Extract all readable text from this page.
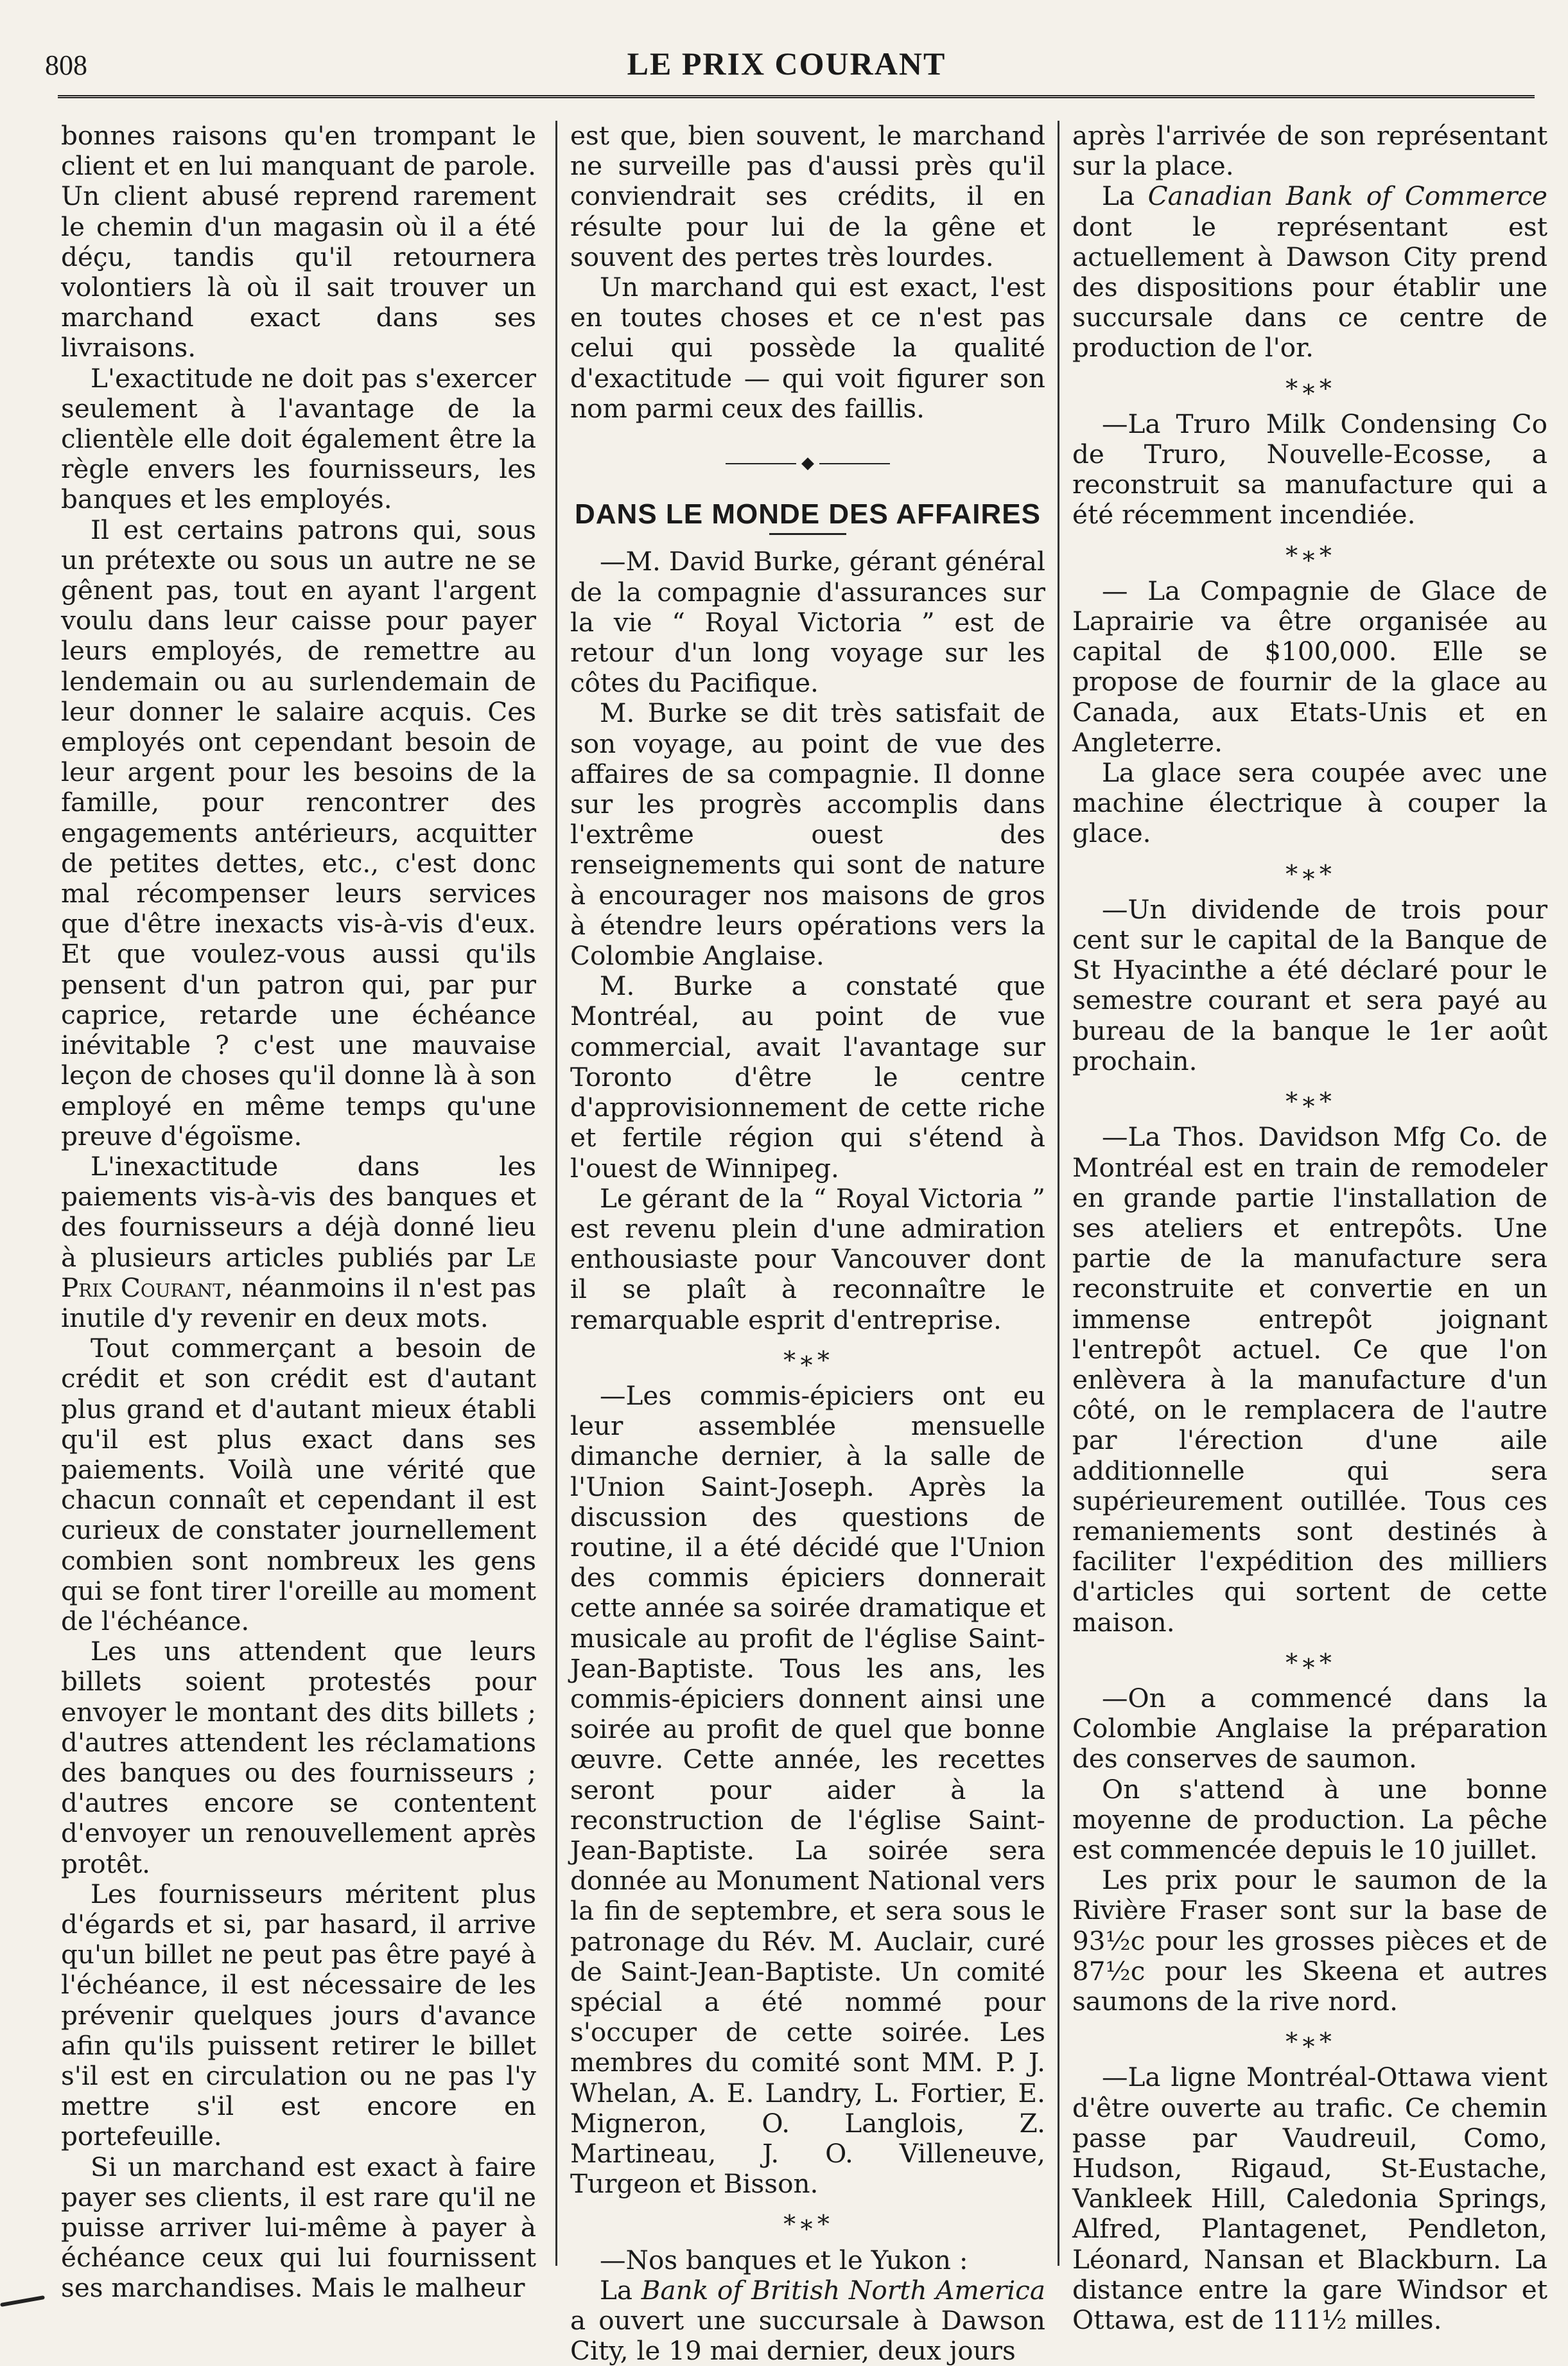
808	LE PRIX COURANT

bonnes raisons qu'en trompant le client et en lui manquant de parole. Un client abusé reprend rarement le chemin d'un magasin où il a été déçu, tandis qu'il retournera volontiers là où il sait trouver un marchand exact dans ses livraisons.

L'exactitude ne doit pas s'exercer seulement à l'avantage de la clientèle elle doit également être la règle envers les fournisseurs, les banques et les employés.

Il est certains patrons qui, sous un prétexte ou sous un autre ne se gênent pas, tout en ayant l'argent voulu dans leur caisse pour payer leurs employés, de remettre au lendemain ou au surlendemain de leur donner le salaire acquis. Ces employés ont cependant besoin de leur argent pour les besoins de la famille, pour rencontrer des engagements antérieurs, acquitter de petites dettes, etc., c'est donc mal récompenser leurs services que d'être inexacts vis-à-vis d'eux. Et que voulez-vous aussi qu'ils pensent d'un patron qui, par pur caprice, retarde une échéance inévitable ? c'est une mauvaise leçon de choses qu'il donne là à son employé en même temps qu'une preuve d'égoïsme.

L'inexactitude dans les paiements vis-à-vis des banques et des fournisseurs a déjà donné lieu à plusieurs articles publiés par Le Prix Courant, néanmoins il n'est pas inutile d'y revenir en deux mots.

Tout commerçant a besoin de crédit et son crédit est d'autant plus grand et d'autant mieux établi qu'il est plus exact dans ses paiements. Voilà une vérité que chacun connaît et cependant il est curieux de constater journellement combien sont nombreux les gens qui se font tirer l'oreille au moment de l'échéance.

Les uns attendent que leurs billets soient protestés pour envoyer le montant des dits billets ; d'autres attendent les réclamations des banques ou des fournisseurs ; d'autres encore se contentent d'envoyer un renouvellement après protêt.

Les fournisseurs méritent plus d'égards et si, par hasard, il arrive qu'un billet ne peut pas être payé à l'échéance, il est nécessaire de les prévenir quelques jours d'avance afin qu'ils puissent retirer le billet s'il est en circulation ou ne pas l'y mettre s'il est encore en portefeuille.

Si un marchand est exact à faire payer ses clients, il est rare qu'il ne puisse arriver lui-même à payer à échéance ceux qui lui fournissent ses marchandises. Mais le malheur

est que, bien souvent, le marchand ne surveille pas d'aussi près qu'il conviendrait ses crédits, il en résulte pour lui de la gêne et souvent des pertes très lourdes.

Un marchand qui est exact, l'est en toutes choses et ce n'est pas celui qui possède la qualité d'exactitude — qui voit figurer son nom parmi ceux des faillis.

◆
DANS LE MONDE DES AFFAIRES

—M. David Burke, gérant général de la compagnie d'assurances sur la vie “ Royal Victoria ” est de retour d'un long voyage sur les côtes du Pacifique.

M. Burke se dit très satisfait de son voyage, au point de vue des affaires de sa compagnie. Il donne sur les progrès accomplis dans l'extrême ouest des renseignements qui sont de nature à encourager nos maisons de gros à étendre leurs opérations vers la Colombie Anglaise.

M. Burke a constaté que Montréal, au point de vue commercial, avait l'avantage sur Toronto d'être le centre d'approvisionnement de cette riche et fertile région qui s'étend à l'ouest de Winnipeg.

Le gérant de la “ Royal Victoria ” est revenu plein d'une admiration enthousiaste pour Vancouver dont il se plaît à reconnaître le remarquable esprit d'entreprise.

*∗*

—Les commis-épiciers ont eu leur assemblée mensuelle dimanche dernier, à la salle de l'Union Saint-Joseph. Après la discussion des questions de routine, il a été décidé que l'Union des commis épiciers donnerait cette année sa soirée dramatique et musicale au profit de l'église Saint-Jean-Baptiste. Tous les ans, les commis-épiciers donnent ainsi une soirée au profit de quel que bonne œuvre. Cette année, les recettes seront pour aider à la reconstruction de l'église Saint-Jean-Baptiste. La soirée sera donnée au Monument National vers la fin de septembre, et sera sous le patronage du Rév. M. Auclair, curé de Saint-Jean-Baptiste. Un comité spécial a été nommé pour s'occuper de cette soirée. Les membres du comité sont MM. P. J. Whelan, A. E. Landry, L. Fortier, E. Migneron, O. Langlois, Z. Martineau, J. O. Villeneuve, Turgeon et Bisson.

*∗*

—Nos banques et le Yukon :

La Bank of British North America a ouvert une succursale à Dawson City, le 19 mai dernier, deux jours

après l'arrivée de son représentant sur la place.

La Canadian Bank of Commerce dont le représentant est actuellement à Dawson City prend des dispositions pour établir une succursale dans ce centre de production de l'or.

*∗*

—La Truro Milk Condensing Co de Truro, Nouvelle-Ecosse, a reconstruit sa manufacture qui a été récemment incendiée.

*∗*

— La Compagnie de Glace de Laprairie va être organisée au capital de $100,000. Elle se propose de fournir de la glace au Canada, aux Etats-Unis et en Angleterre.

La glace sera coupée avec une machine électrique à couper la glace.

*∗*

—Un dividende de trois pour cent sur le capital de la Banque de St Hyacinthe a été déclaré pour le semestre courant et sera payé au bureau de la banque le 1er août prochain.

*∗*

—La Thos. Davidson Mfg Co. de Montréal est en train de remodeler en grande partie l'installation de ses ateliers et entrepôts. Une partie de la manufacture sera reconstruite et convertie en un immense entrepôt joignant l'entrepôt actuel. Ce que l'on enlèvera à la manufacture d'un côté, on le remplacera de l'autre par l'érection d'une aile additionnelle qui sera supérieurement outillée. Tous ces remaniements sont destinés à faciliter l'expédition des milliers d'articles qui sortent de cette maison.

*∗*

—On a commencé dans la Colombie Anglaise la préparation des conserves de saumon.

On s'attend à une bonne moyenne de production. La pêche est commencée depuis le 10 juillet.

Les prix pour le saumon de la Rivière Fraser sont sur la base de 93½c pour les grosses pièces et de 87½c pour les Skeena et autres saumons de la rive nord.

*∗*

—La ligne Montréal-Ottawa vient d'être ouverte au trafic. Ce chemin passe par Vaudreuil, Como, Hudson, Rigaud, St-Eustache, Vankleek Hill, Caledonia Springs, Alfred, Plantagenet, Pendleton, Léonard, Nansan et Blackburn. La distance entre la gare Windsor et Ottawa, est de 111½ milles.
